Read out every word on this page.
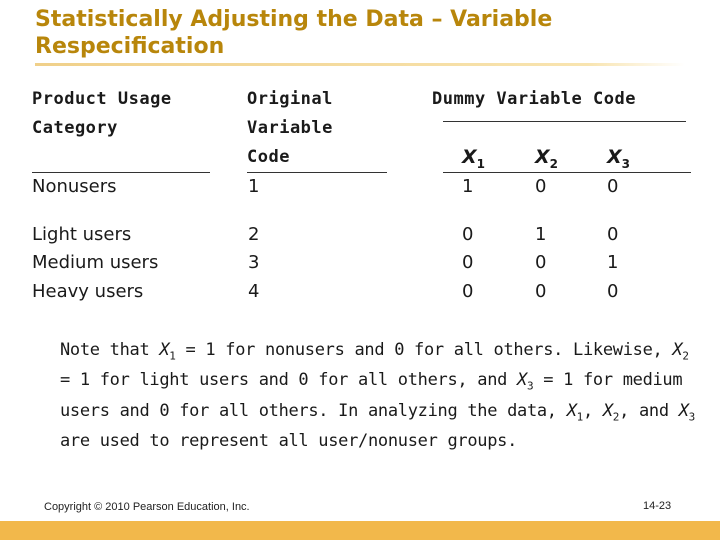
Statistically Adjusting the Data – Variable Respecification
Product Usage
Category
Original
Variable
Code
Dummy Variable Code
$X_1$	$X_2$	$X_3$
Nonusers	1	1	0	0
Light users	2	0	1	0
Medium users	3	0	0	1
Heavy users	4	0	0	0
Note that $X_1 = 1$ for nonusers and 0 for all others. Likewise, $X_2 = 1$ for light users and 0 for all others, and $X_3 = 1$ for medium users and 0 for all others. In analyzing the data, $X_1$, $X_2$, and $X_3$ are used to represent all user/nonuser groups.
Copyright © 2010 Pearson Education, Inc.	14-23
